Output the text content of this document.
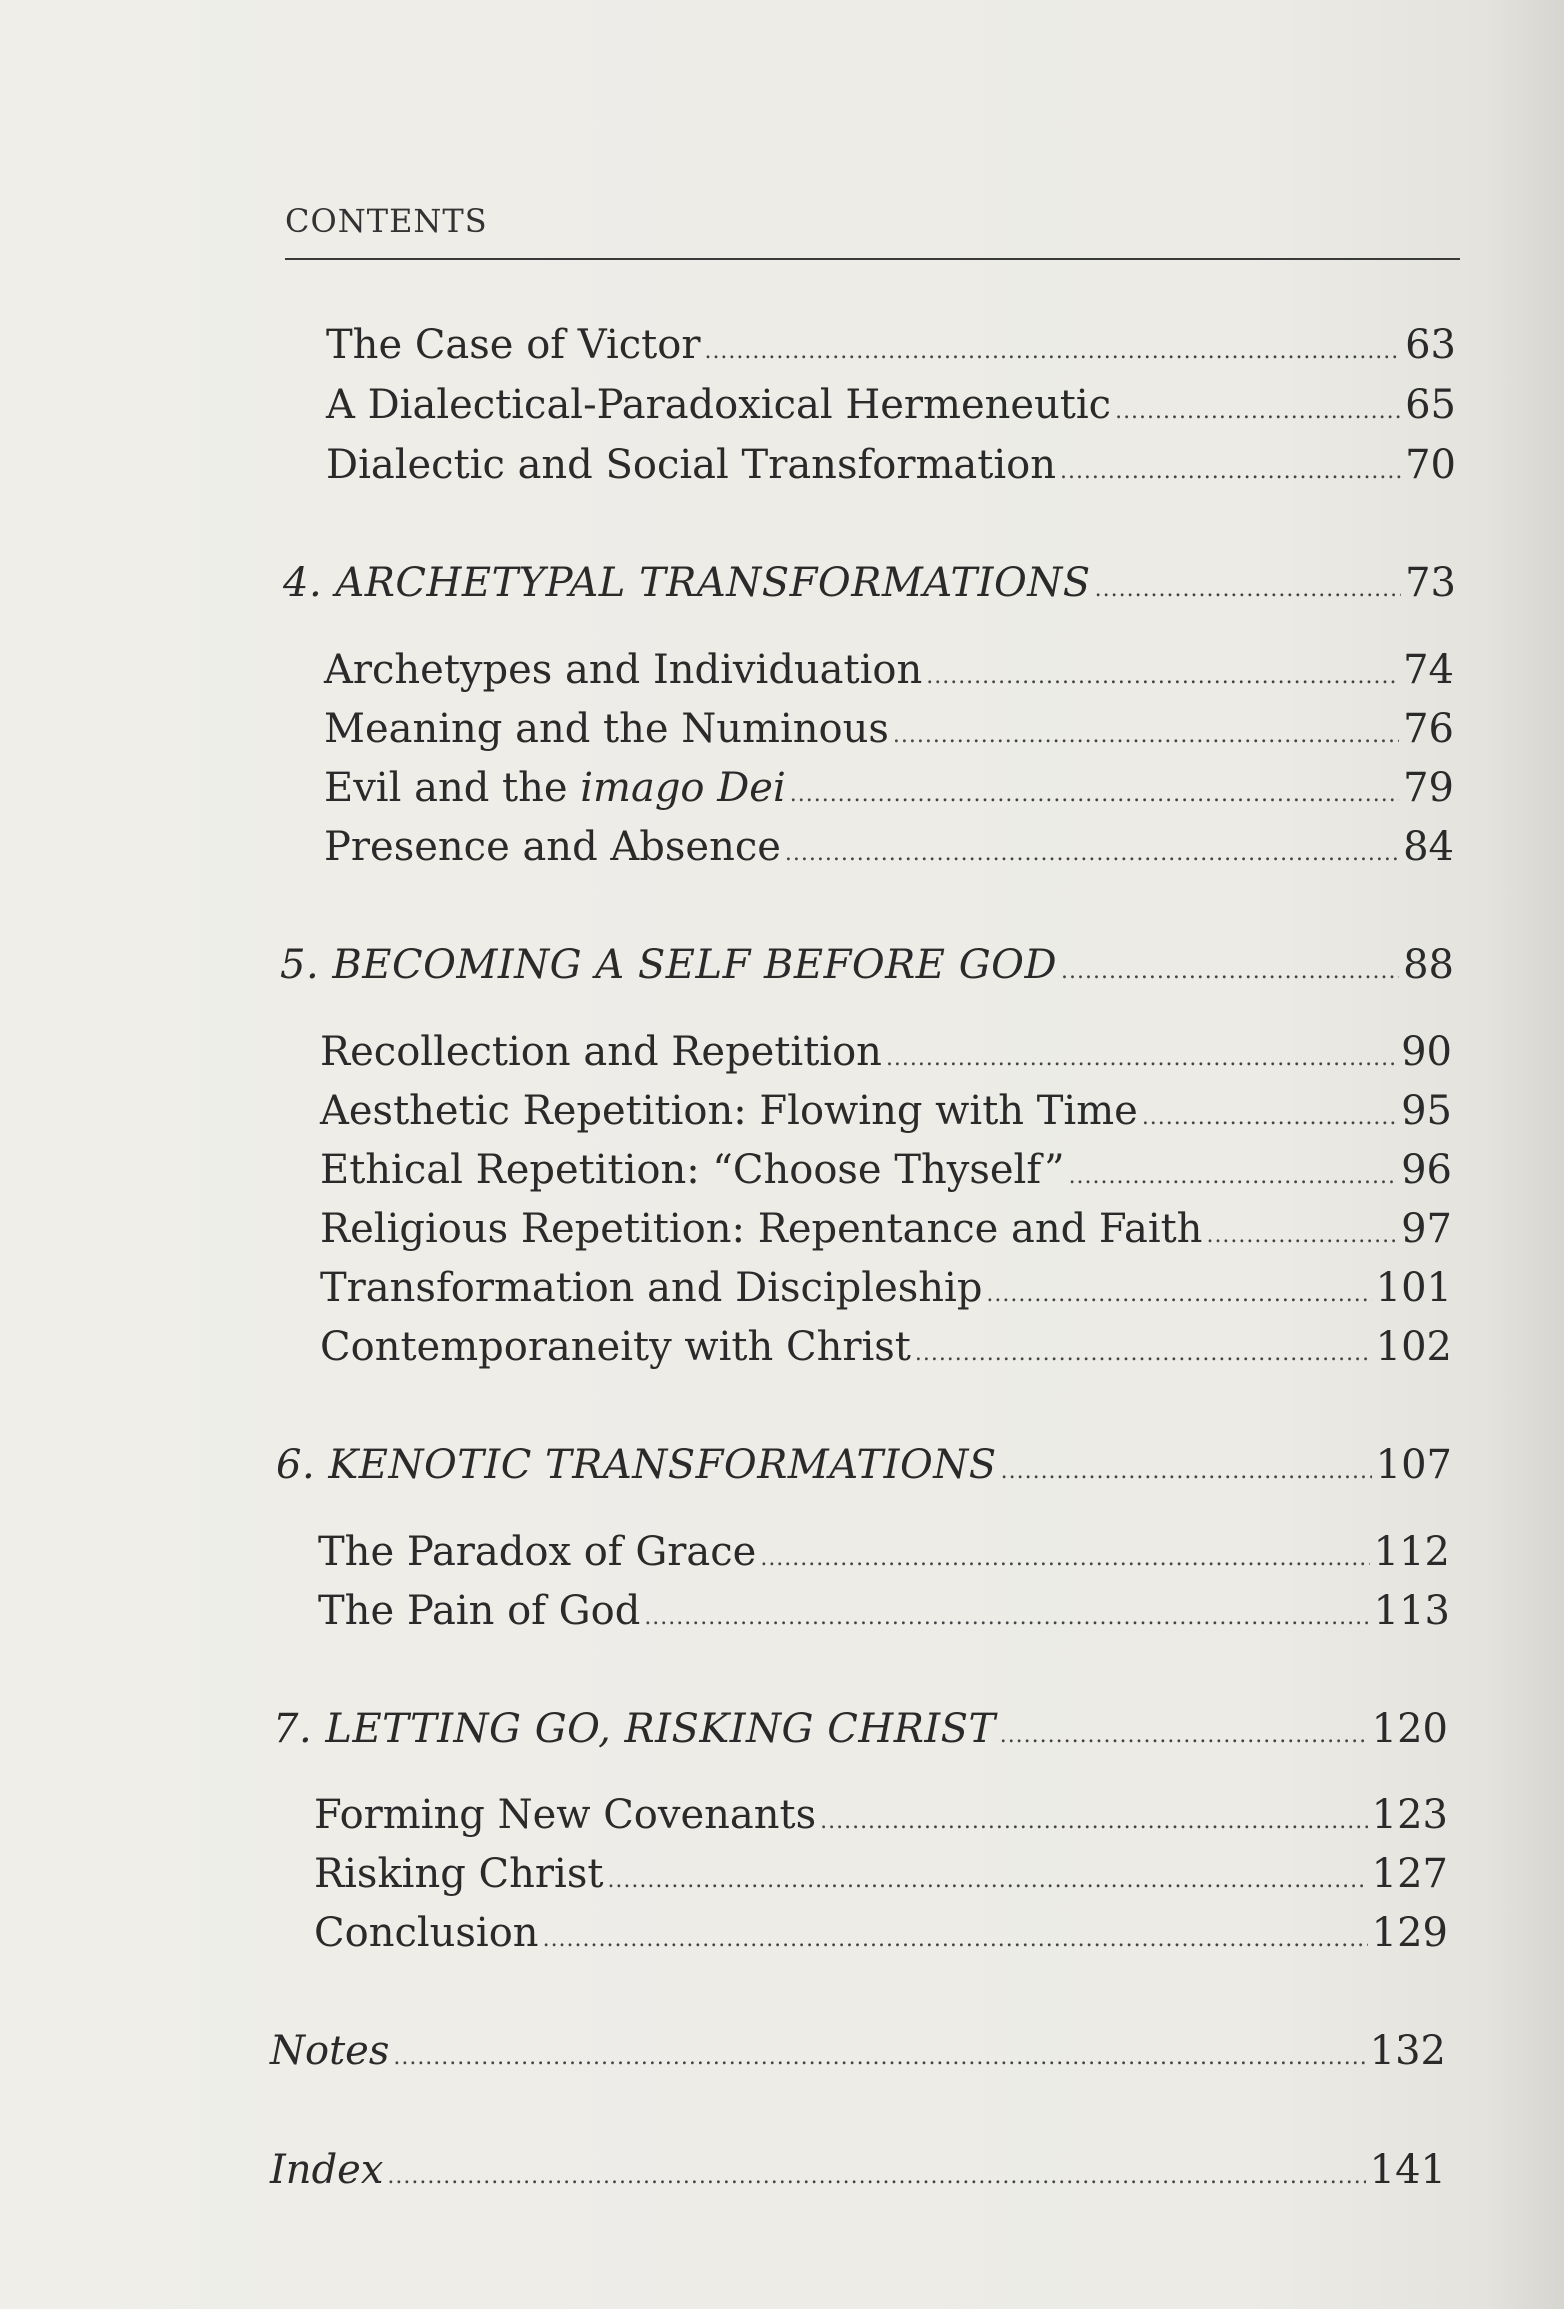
CONTENTS
The Case of Victor . . .	63
A Dialectical-Paradoxical Hermeneutic . . .	65
Dialectic and Social Transformation . . .	70
4. ARCHETYPAL TRANSFORMATIONS . . .	73
Archetypes and Individuation . . .	74
Meaning and the Numinous . . .	76
Evil and the imago Dei . . .	79
Presence and Absence . . .	84
5. BECOMING A SELF BEFORE GOD . . .	88
Recollection and Repetition . . .	90
Aesthetic Repetition: Flowing with Time . . .	95
Ethical Repetition: “Choose Thyself” . . .	96
Religious Repetition: Repentance and Faith . . .	97
Transformation and Discipleship . . .	101
Contemporaneity with Christ . . .	102
6. KENOTIC TRANSFORMATIONS . . .	107
The Paradox of Grace . . .	112
The Pain of God . . .	113
7. LETTING GO, RISKING CHRIST . . .	120
Forming New Covenants . . .	123
Risking Christ . . .	127
Conclusion . . .	129
Notes . . .	132
Index . . .	141
